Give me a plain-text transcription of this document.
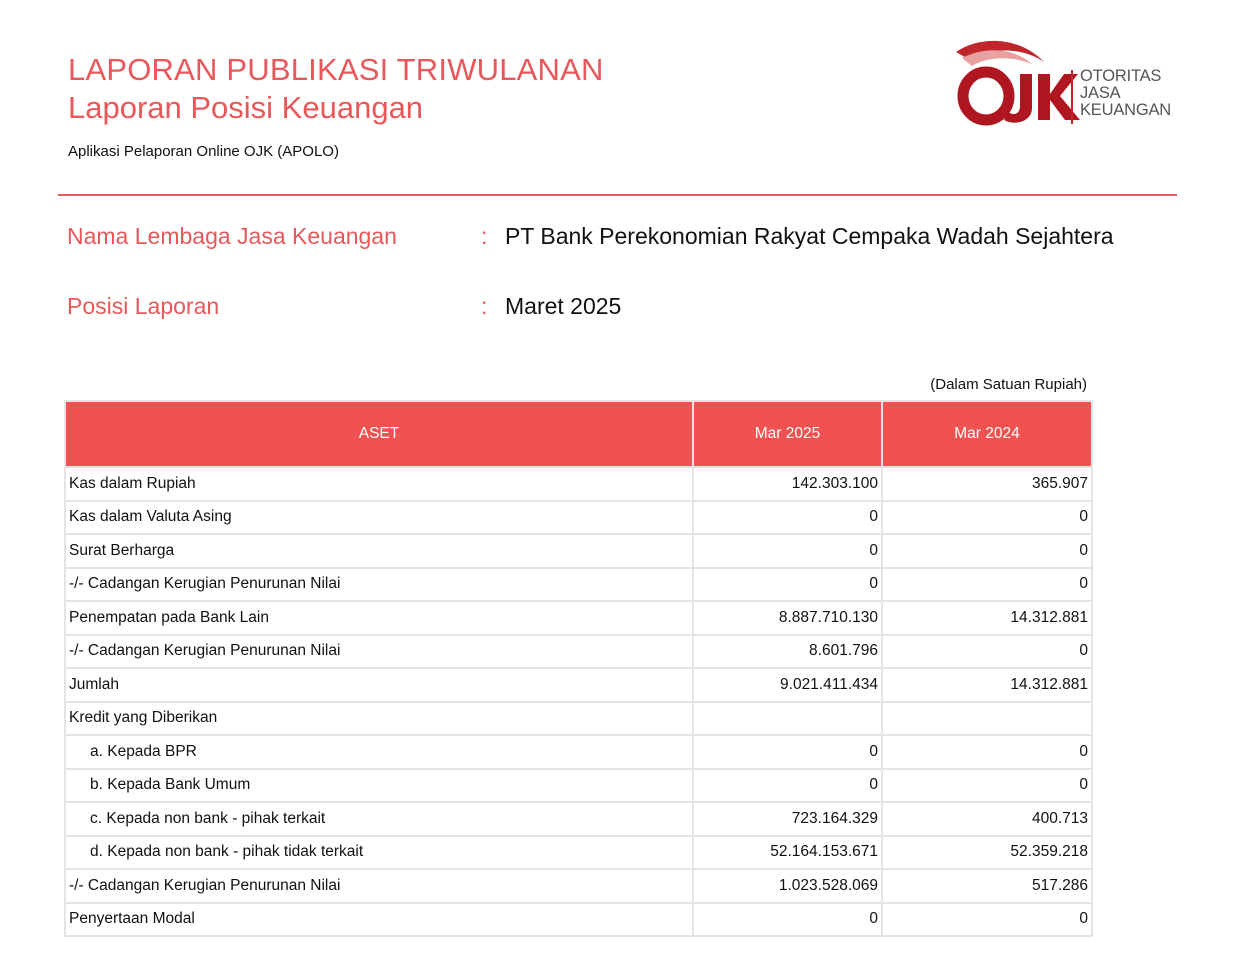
LAPORAN PUBLIKASI TRIWULANAN
Laporan Posisi Keuangan
Aplikasi Pelaporan Online OJK (APOLO)
OTORITAS
JASA
KEUANGAN
Nama Lembaga Jasa Keuangan	: PT Bank Perekonomian Rakyat Cempaka Wadah Sejahtera
Posisi Laporan	: Maret 2025
(Dalam Satuan Rupiah)
ASET	Mar 2025	Mar 2024
Kas dalam Rupiah	142.303.100	365.907
Kas dalam Valuta Asing	0	0
Surat Berharga	0	0
-/- Cadangan Kerugian Penurunan Nilai	0	0
Penempatan pada Bank Lain	8.887.710.130	14.312.881
-/- Cadangan Kerugian Penurunan Nilai	8.601.796	0
Jumlah	9.021.411.434	14.312.881
Kredit yang Diberikan		
a. Kepada BPR	0	0
b. Kepada Bank Umum	0	0
c. Kepada non bank - pihak terkait	723.164.329	400.713
d. Kepada non bank - pihak tidak terkait	52.164.153.671	52.359.218
-/- Cadangan Kerugian Penurunan Nilai	1.023.528.069	517.286
Penyertaan Modal	0	0
